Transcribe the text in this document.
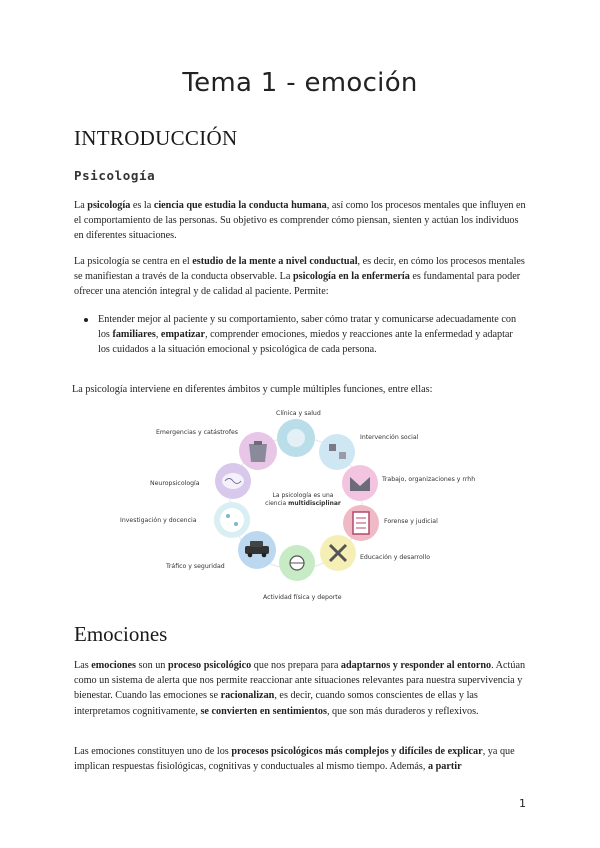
Tema 1 - emoción
INTRODUCCIÓN
Psicología

La psicología es la ciencia que estudia la conducta humana, así como los procesos mentales que influyen en el comportamiento de las personas. Su objetivo es comprender cómo piensan, sienten y actúan los individuos en diferentes situaciones.

La psicología se centra en el estudio de la mente a nivel conductual, es decir, en cómo los procesos mentales se manifiestan a través de la conducta observable. La psicología en la enfermería es fundamental para poder ofrecer una atención integral y de calidad al paciente. Permite:

Entender mejor al paciente y su comportamiento, saber cómo tratar y comunicarse adecuadamente con los familiares, empatizar, comprender emociones, miedos y reacciones ante la enfermedad y adaptar los cuidados a la situación emocional y psicológica de cada persona.

La psicología interviene en diferentes ámbitos y cumple múltiples funciones, entre ellas:

La psicología es una
ciencia multidisciplinar
Clínica y salud
Intervención social
Trabajo, organizaciones y rrhh
Forense y judicial
Educación y desarrollo
Actividad física y deporte
Tráfico y seguridad
Investigación y docencia
Neuropsicología
Emergencias y catástrofes
Emociones

Las emociones son un proceso psicológico que nos prepara para adaptarnos y responder al entorno. Actúan como un sistema de alerta que nos permite reaccionar ante situaciones relevantes para nuestra supervivencia y bienestar. Cuando las emociones se racionalizan, es decir, cuando somos conscientes de ellas y las interpretamos cognitivamente, se convierten en sentimientos, que son más duraderos y reflexivos.

Las emociones constituyen uno de los procesos psicológicos más complejos y difíciles de explicar, ya que implican respuestas fisiológicas, cognitivas y conductuales al mismo tiempo. Además, a partir

1
